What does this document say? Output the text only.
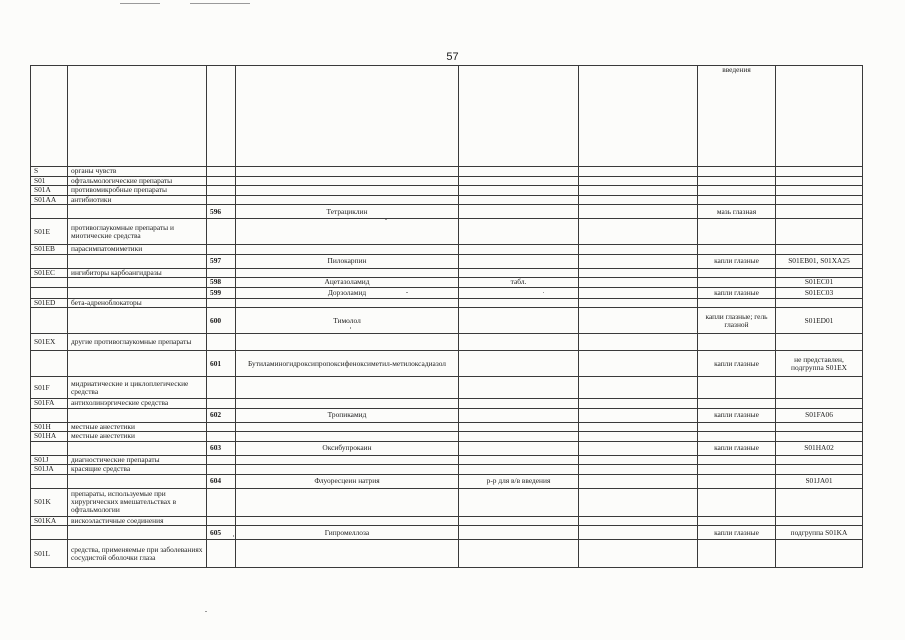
57
						введения	
S	органы чувств						
S01	офтальмологические препараты						
S01A	противомикробные препараты						
S01AA	антибиотики						
		596	Тетрациклин			мазь глазная	
S01E	противоглаукомные препараты и миотические средства						
S01EB	парасимпатомиметики						
		597	Пилокарпин			капли глазные	S01EB01, S01XA25
S01EC	ингибиторы карбоангидразы						
		598	Ацетазоламид	табл.			S01EC01
		599	Дорзоламид			капли глазные	S01EC03
S01ED	бета-адреноблокаторы						
		600	Тимолол			капли глазные; гель глазной	S01ED01
S01EX	другие противоглаукомные препараты						
		601	Бутиламиногидроксипропоксифеноксиметил-метилоксадиазол			капли глазные	не представлен, подгруппа S01EX
S01F	мидриатические и циклоплегические средства						
S01FA	антихолинэргические средства						
		602	Тропикамид			капли глазные	S01FA06
S01H	местные анестетики						
S01HA	местные анестетики						
		603	Оксибупрокаин			капли глазные	S01HA02
S01J	диагностические препараты						
S01JA	красящие средства						
		604	Флуоресцеин натрия	р-р для в/в введения			S01JA01
S01K	препараты, используемые при хирургических вмешательствах в офтальмологии						
S01KA	вискоэластичные соединения						
		605	Гипромеллоза			капли глазные	подгруппа S01KA
S01L	средства, применяемые при заболеваниях сосудистой оболочки глаза						
